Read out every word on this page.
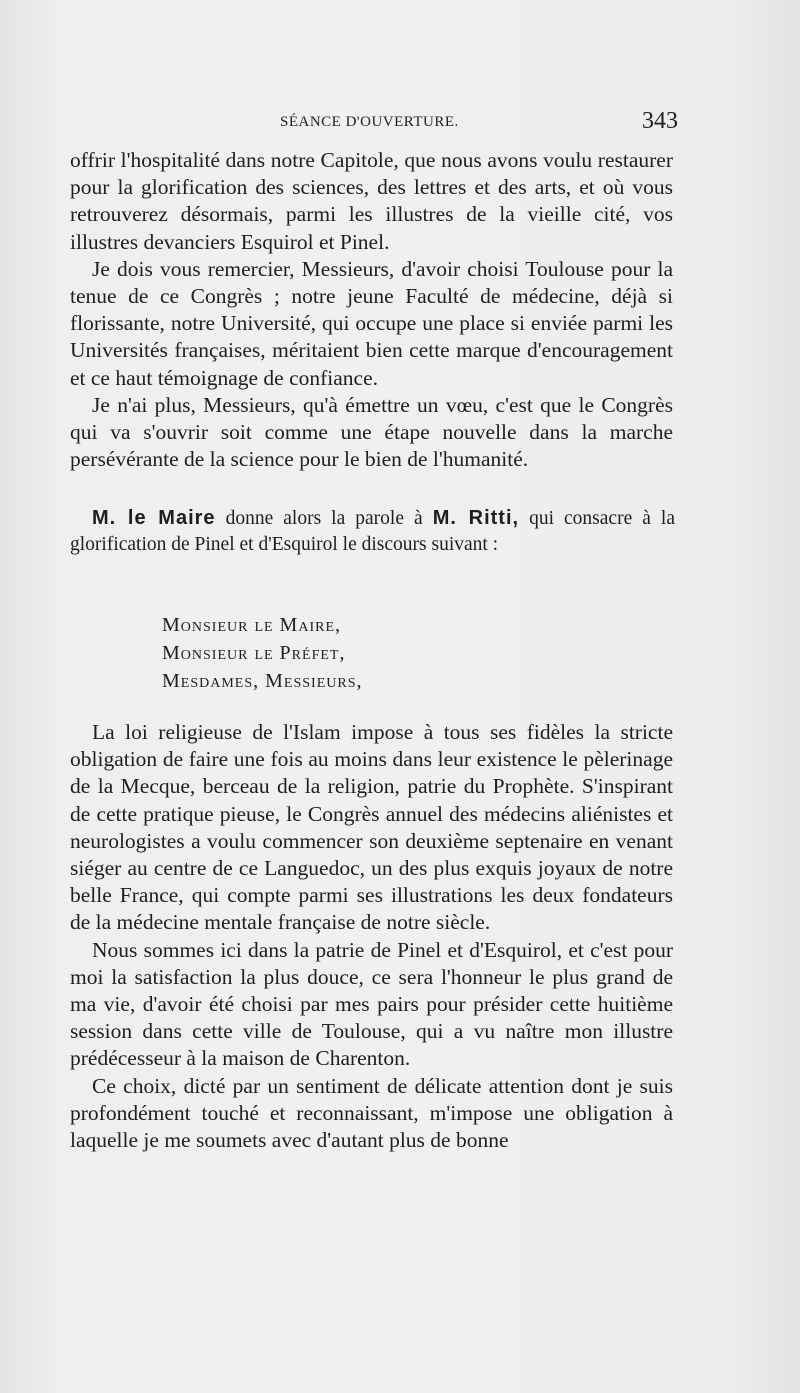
SÉANCE D'OUVERTURE.	343

offrir l'hospitalité dans notre Capitole, que nous avons voulu restaurer pour la glorification des sciences, des lettres et des arts, et où vous retrouverez désormais, parmi les illustres de la vieille cité, vos illustres devanciers Esquirol et Pinel.

Je dois vous remercier, Messieurs, d'avoir choisi Toulouse pour la tenue de ce Congrès ; notre jeune Faculté de médecine, déjà si florissante, notre Université, qui occupe une place si enviée parmi les Universités françaises, méritaient bien cette marque d'encouragement et ce haut témoignage de confiance.

Je n'ai plus, Messieurs, qu'à émettre un vœu, c'est que le Congrès qui va s'ouvrir soit comme une étape nouvelle dans la marche persévérante de la science pour le bien de l'humanité.

M. le Maire donne alors la parole à M. Ritti, qui consacre à la glorification de Pinel et d'Esquirol le discours suivant :

Monsieur le Maire,
Monsieur le Préfet,
Mesdames, Messieurs,

La loi religieuse de l'Islam impose à tous ses fidèles la stricte obligation de faire une fois au moins dans leur existence le pèlerinage de la Mecque, berceau de la religion, patrie du Prophète. S'inspirant de cette pratique pieuse, le Congrès annuel des médecins aliénistes et neurologistes a voulu commencer son deuxième septenaire en venant siéger au centre de ce Languedoc, un des plus exquis joyaux de notre belle France, qui compte parmi ses illustrations les deux fondateurs de la médecine mentale française de notre siècle.

Nous sommes ici dans la patrie de Pinel et d'Esquirol, et c'est pour moi la satisfaction la plus douce, ce sera l'honneur le plus grand de ma vie, d'avoir été choisi par mes pairs pour présider cette huitième session dans cette ville de Toulouse, qui a vu naître mon illustre prédécesseur à la maison de Charenton.

Ce choix, dicté par un sentiment de délicate attention dont je suis profondément touché et reconnaissant, m'impose une obligation à laquelle je me soumets avec d'autant plus de bonne
